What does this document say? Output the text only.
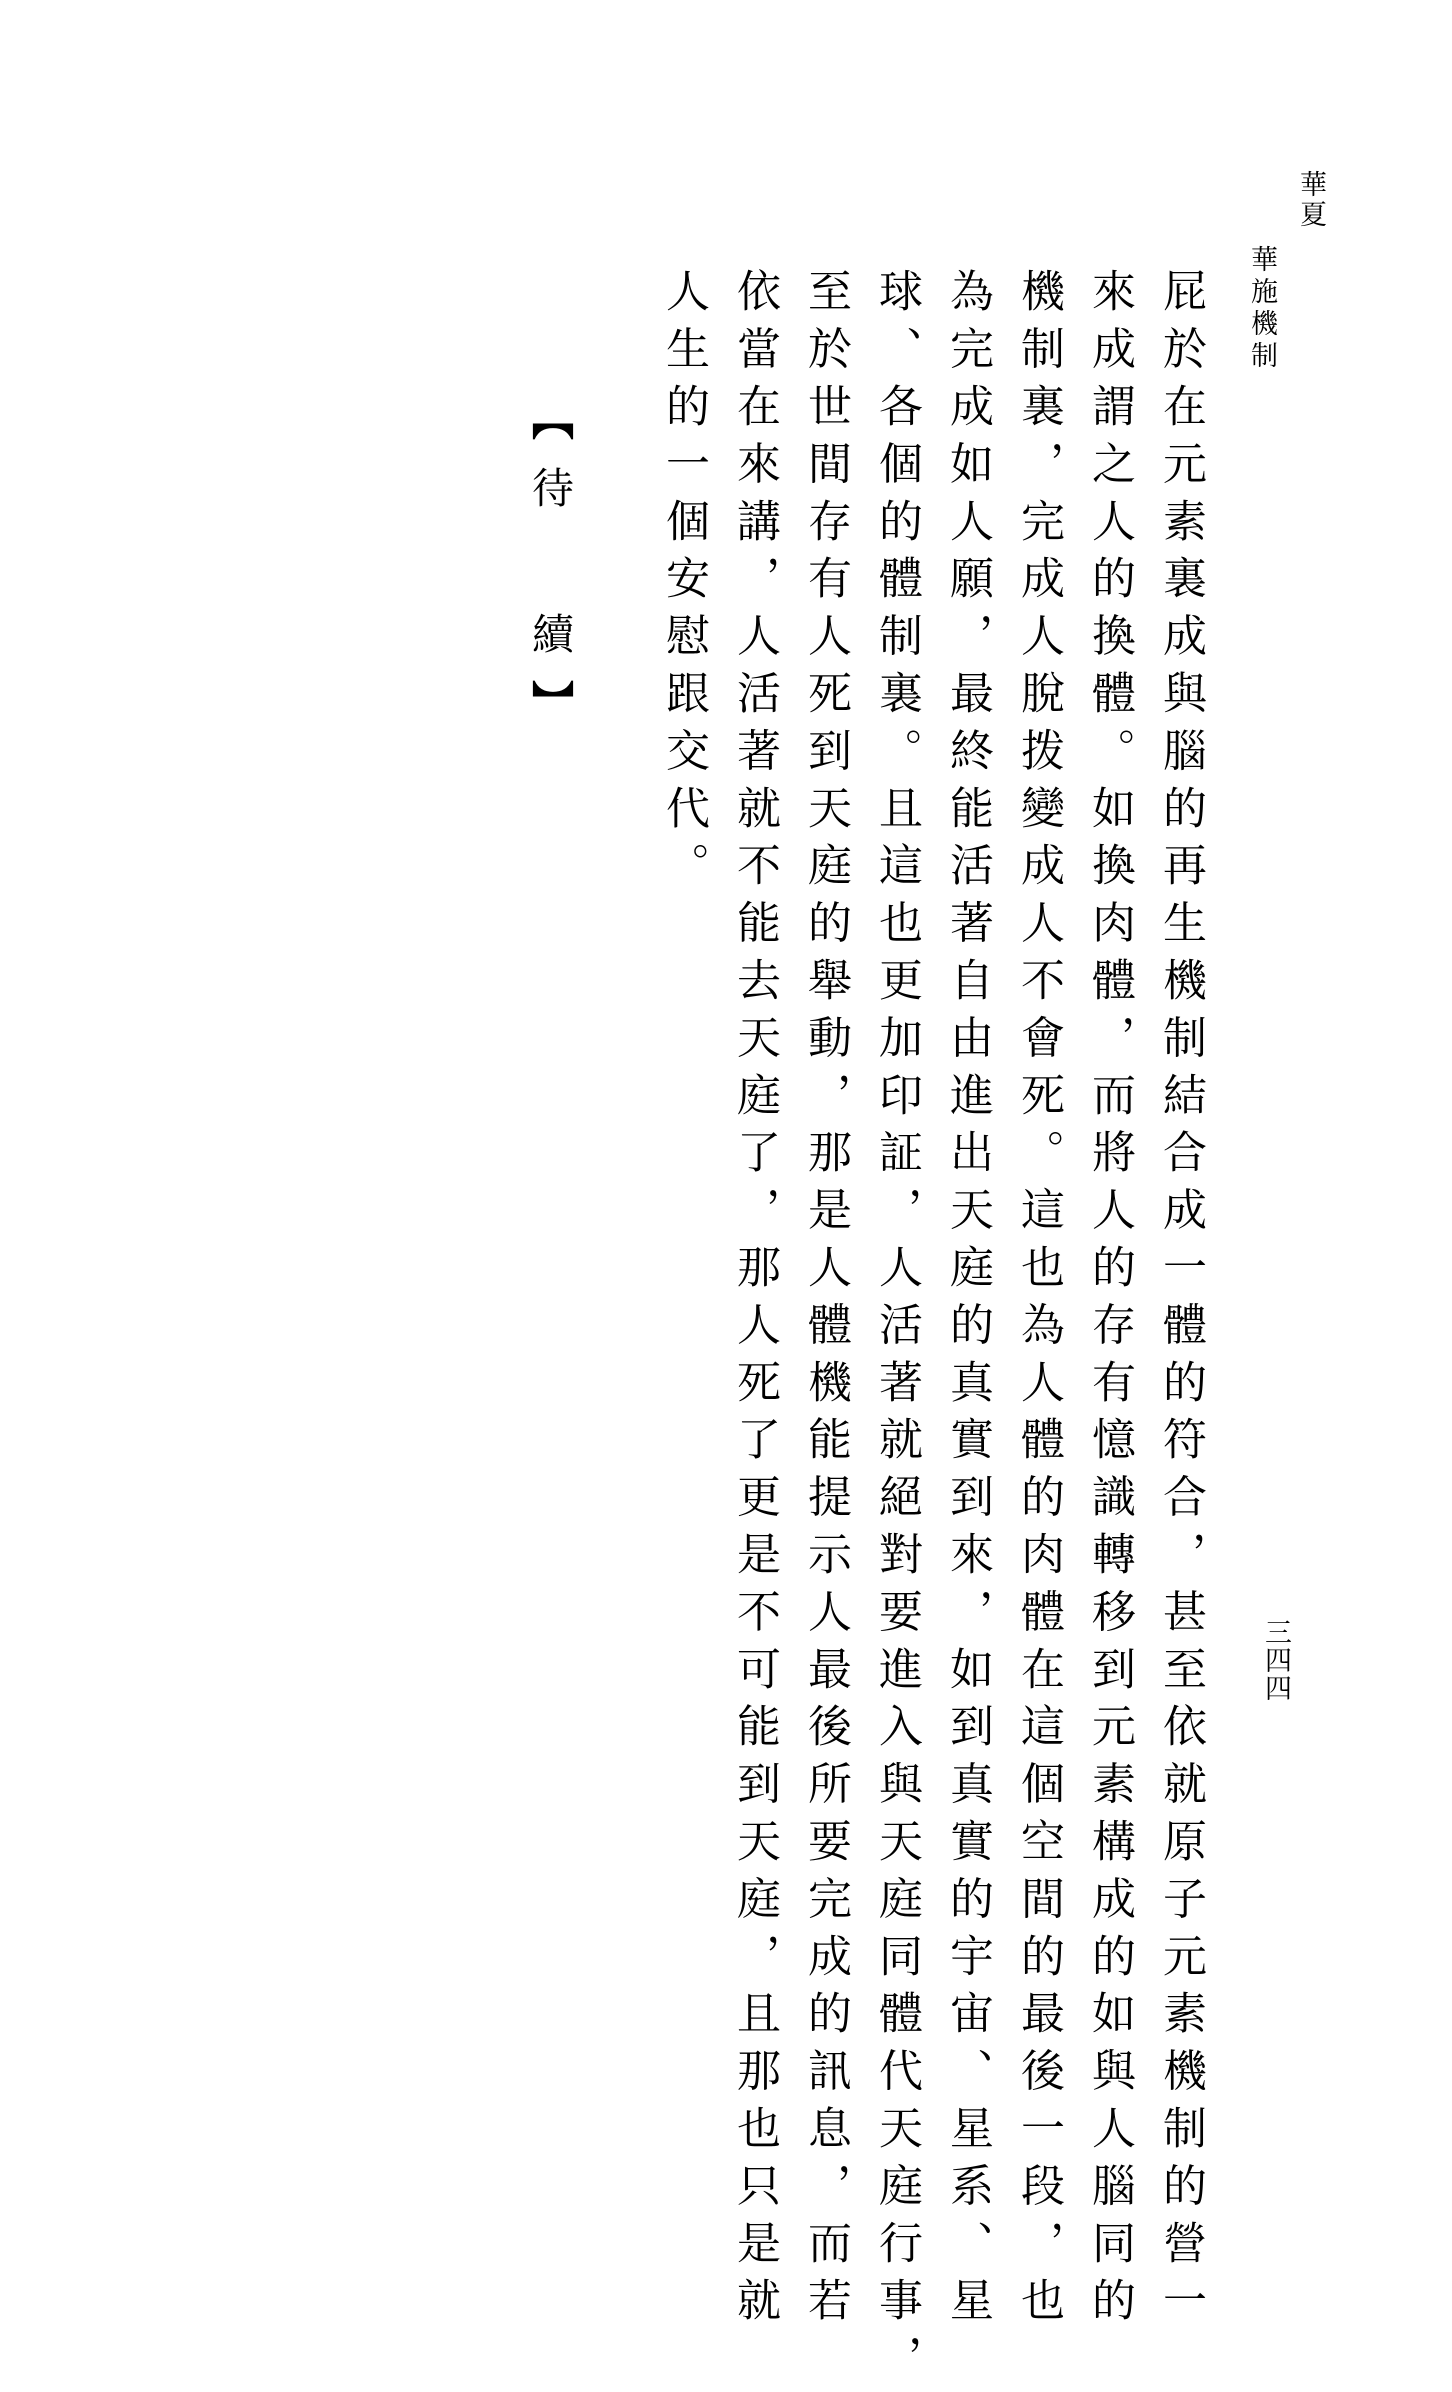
華夏
華施機制
三四四
人生的一個安慰跟交代。 依當在來講，人活著就不能去天庭了，那人死了更是不可能到天庭，且那也只是就 至於世間存有人死到天庭的舉動，那是人體機能提示人最後所要完成的訊息，而若 球、各個的體制裏。且這也更加印証，人活著就絕對要進入與天庭同體代天庭行事， 為完成如人願，最終能活著自由進出天庭的真實到來，如到真實的宇宙、星系、星 機制裏，完成人脫拨變成人不會死。這也為人體的肉體在這個空間的最後一段，也 來成謂之人的換體。如換肉體，而將人的存有憶識轉移到元素構成的如與人腦同的 屁於在元素裏成與腦的再生機制結合成一體的符合，甚至依就原子元素機制的營一
【待續】
